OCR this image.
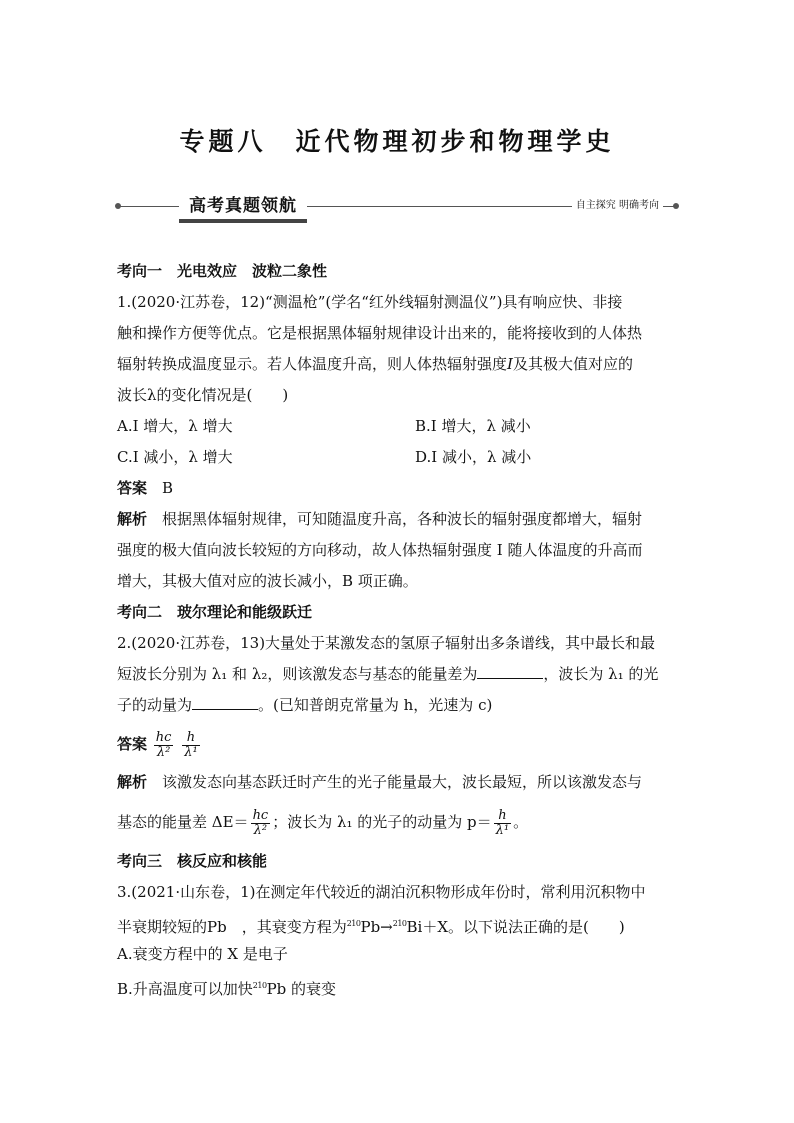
专题八　近代物理初步和物理学史
高考真题领航	自主探究 明确考向
考向一　光电效应　波粒二象性
1.(2020·江苏卷，12)“测温枪”(学名“红外线辐射测温仪”)具有响应快、非接
触和操作方便等优点。它是根据黑体辐射规律设计出来的，能将接收到的人体热
辐射转换成温度显示。若人体温度升高，则人体热辐射强度I及其极大值对应的
波长λ的变化情况是(　　)
A.I 增大，λ 增大	B.I 增大，λ 减小
C.I 减小，λ 增大	D.I 减小，λ 减小
答案　 B
解析　 根据黑体辐射规律，可知随温度升高，各种波长的辐射强度都增大，辐射
强度的极大值向波长较短的方向移动，故人体热辐射强度 I 随人体温度的升高而
增大，其极大值对应的波长减小，B 项正确。
考向二　玻尔理论和能级跃迁
2.(2020·江苏卷，13)大量处于某激发态的氢原子辐射出多条谱线，其中最长和最
短波长分别为 λ₁ 和 λ₂，则该激发态与基态的能量差为	，波长为 λ₁ 的光
子的动量为	。(已知普朗克常量为 h，光速为 c)
答案 $\frac{hc}{\text{λ²}}$
$\frac{h}{\text{λ¹}}$
解析　 该激发态向基态跃迁时产生的光子能量最大，波长最短，所以该激发态与
基态的能量差 $\Delta E= \frac{hc}{\text{λ²}}$ ；波长为 λ₁ 的光子的动量为 $p= \frac{h}{\text{λ¹}}$ 。
考向三　核反应和核能
3.(2021·山东卷，1)在测定年代较近的湖泊沉积物形成年份时，常利用沉积物中
半衰期较短的Pb　，其衰变方程为$^{210}$Pb→$^{210}$Bi＋X。以下说法正确的是(　　)
A.衰变方程中的 X 是电子
B.升高温度可以加快$^{210}$Pb 的衰变
